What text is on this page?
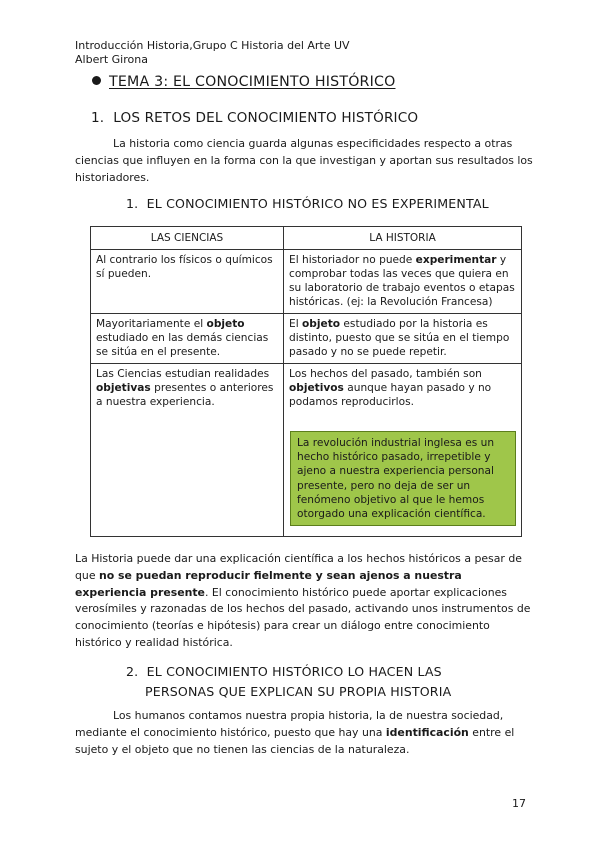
Introducción Historia,Grupo C Historia del Arte UV
Albert Girona
TEMA 3: EL CONOCIMIENTO HISTÓRICO
1. LOS RETOS DEL CONOCIMIENTO HISTÓRICO
La historia como ciencia guarda algunas especificidades respecto a otras ciencias que influyen en la forma con la que investigan y aportan sus resultados los historiadores.
1. EL CONOCIMIENTO HISTÓRICO NO ES EXPERIMENTAL
LAS CIENCIAS	LA HISTORIA
Al contrario los físicos o químicos sí pueden.	El historiador no puede experimentar y comprobar todas las veces que quiera en su laboratorio de trabajo eventos o etapas históricas. (ej: la Revolución Francesa)
Mayoritariamente el objeto estudiado en las demás ciencias se sitúa en el presente.	El objeto estudiado por la historia es distinto, puesto que se sitúa en el tiempo pasado y no se puede repetir.
Las Ciencias estudian realidades objetivas presentes o anteriores a nuestra experiencia.	Los hechos del pasado, también son objetivos aunque hayan pasado y no podamos reproducirlos.
La revolución industrial inglesa es un hecho histórico pasado, irrepetible y ajeno a nuestra experiencia personal presente, pero no deja de ser un fenómeno objetivo al que le hemos otorgado una explicación científica.
La Historia puede dar una explicación científica a los hechos históricos a pesar de que no se puedan reproducir fielmente y sean ajenos a nuestra experiencia presente. El conocimiento histórico puede aportar explicaciones verosímiles y razonadas de los hechos del pasado, activando unos instrumentos de conocimiento (teorías e hipótesis) para crear un diálogo entre conocimiento histórico y realidad histórica.
2. EL CONOCIMIENTO HISTÓRICO LO HACEN LAS
PERSONAS QUE EXPLICAN SU PROPIA HISTORIA
Los humanos contamos nuestra propia historia, la de nuestra sociedad, mediante el conocimiento histórico, puesto que hay una identificación entre el sujeto y el objeto que no tienen las ciencias de la naturaleza.
17
